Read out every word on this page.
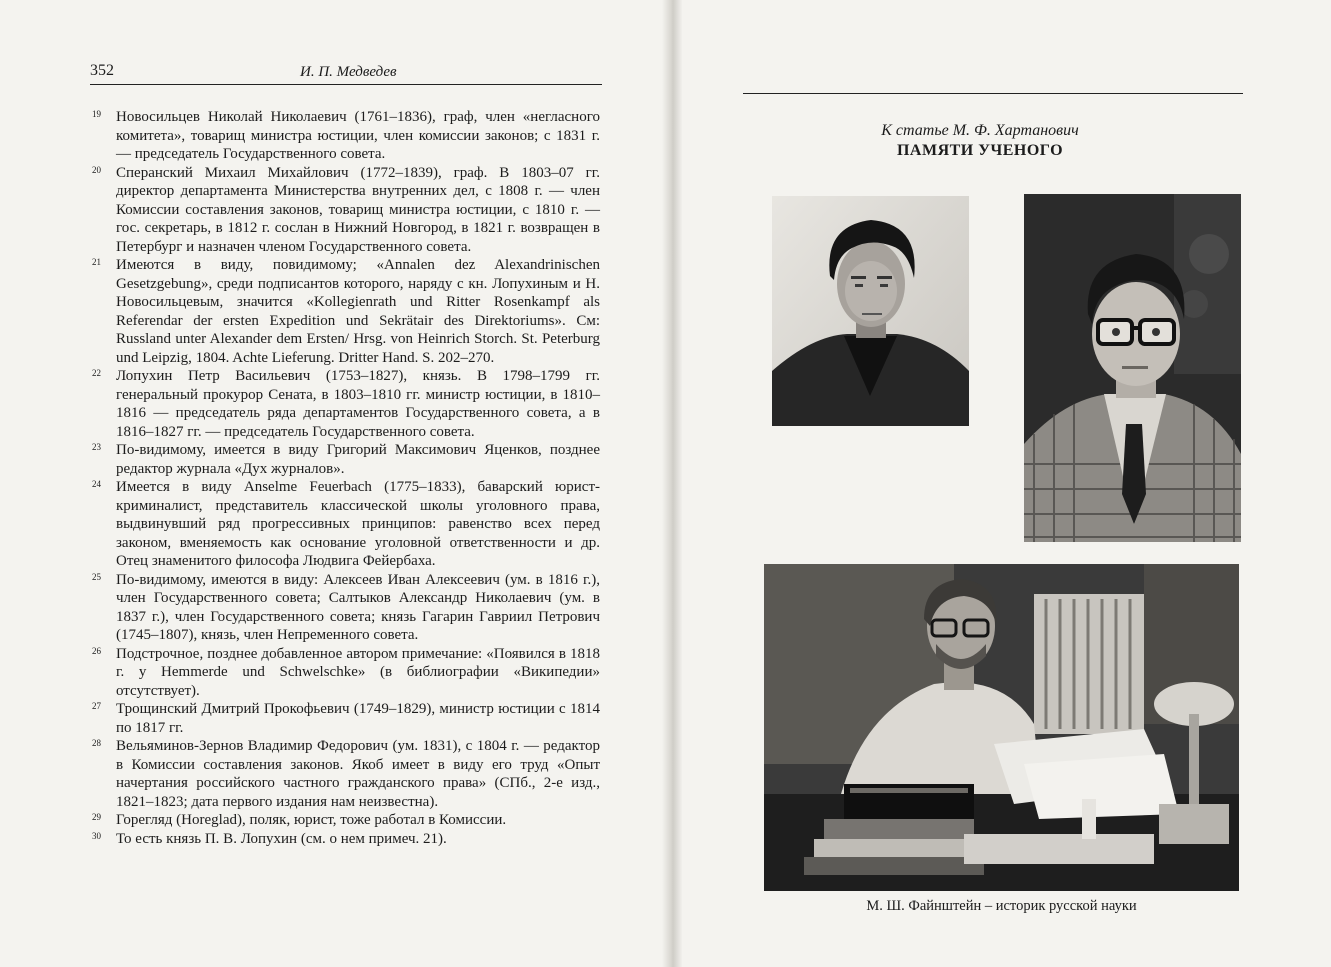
352	И. П. Медведев

19 Новосильцев Николай Николаевич (1761–1836), граф, член «негласного комитета», товарищ министра юстиции, член комиссии законов; с 1831 г. — председатель Государственного совета.

20 Сперанский Михаил Михайлович (1772–1839), граф. В 1803–07 гг. директор департамента Министерства внутренних дел, с 1808 г. — член Комиссии составления законов, товарищ министра юстиции, с 1810 г. — гос. секретарь, в 1812 г. сослан в Нижний Новгород, в 1821 г. возвращен в Петербург и назначен членом Государственного совета.

21 Имеются в виду, повидимому; «Annalen dez Alexandrinischen Gesetzgebung», среди подписантов которого, наряду с кн. Лопухиным и Н. Новосильцевым, значится «Kollegienrath und Ritter Rosenkampf als Referendar der ersten Expedition und Sekrätair des Direktoriums». См: Russland unter Alexander dem Ersten/ Hrsg. von Heinrich Storch. St. Peterburg und Leipzig, 1804. Achte Lieferung. Dritter Hand. S. 202–270.

22 Лопухин Петр Васильевич (1753–1827), князь. В 1798–1799 гг. генеральный прокурор Сената, в 1803–1810 гг. министр юстиции, в 1810–1816 — председатель ряда департаментов Государственного совета, а в 1816–1827 гг. — председатель Государственного совета.

23 По-видимому, имеется в виду Григорий Максимович Яценков, позднее редактор журнала «Дух журналов».

24 Имеется в виду Anselme Feuerbach (1775–1833), баварский юрист-криминалист, представитель классической школы уголовного права, выдвинувший ряд прогрессивных принципов: равенство всех перед законом, вменяемость как основание уголовной ответственности и др. Отец знаменитого философа Людвига Фейербаха.

25 По-видимому, имеются в виду: Алексеев Иван Алексеевич (ум. в 1816 г.), член Государственного совета; Салтыков Александр Николаевич (ум. в 1837 г.), член Государственного совета; князь Гагарин Гавриил Петрович (1745–1807), князь, член Непременного совета.

26 Подстрочное, позднее добавленное автором примечание: «Появился в 1818 г. у Hemmerde und Schwelschke» (в библиографии «Википедии» отсутствует).

27 Трощинский Дмитрий Прокофьевич (1749–1829), министр юстиции с 1814 по 1817 гг.

28 Вельяминов-Зернов Владимир Федорович (ум. 1831), с 1804 г. — редактор в Комиссии составления законов. Якоб имеет в виду его труд «Опыт начертания российского частного гражданского права» (СПб., 2-е изд., 1821–1823; дата первого издания нам неизвестна).

29 Горегляд (Horeglad), поляк, юрист, тоже работал в Комиссии.

30 То есть князь П. В. Лопухин (см. о нем примеч. 21).

К статье М. Ф. Хартанович
ПАМЯТИ УЧЕНОГО
М. Ш. Файнштейн – историк русской науки
